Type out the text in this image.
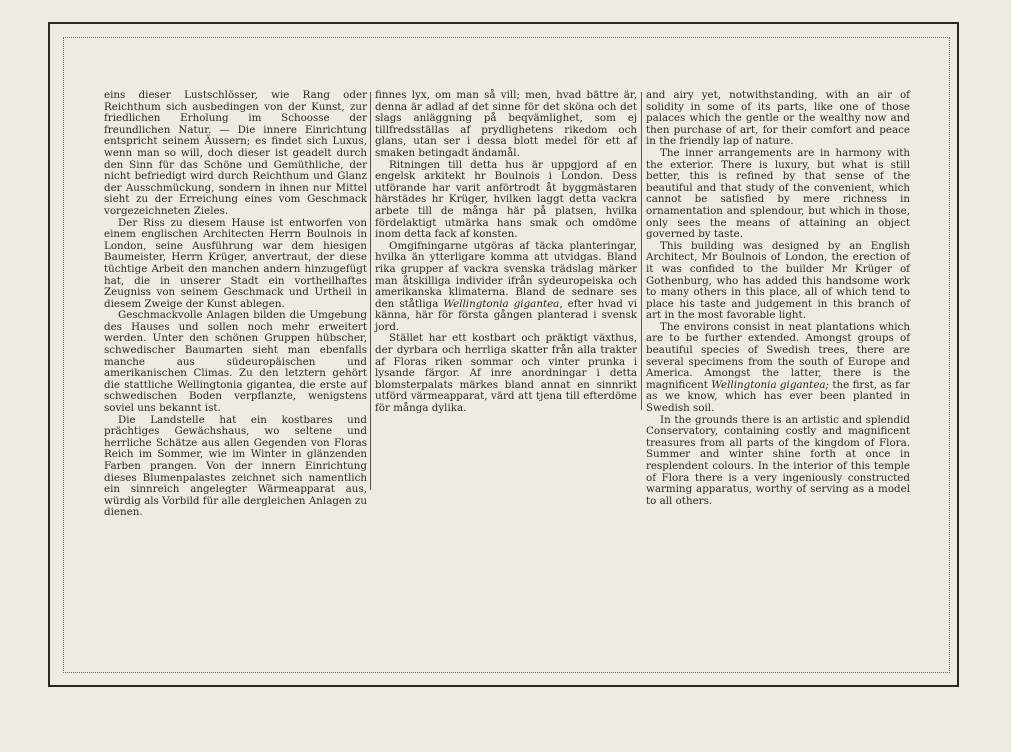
eins dieser Lustschlösser, wie Rang oder Reichthum sich ausbedingen von der Kunst, zur friedlichen Erholung im Schoosse der freundlichen Natur. — Die innere Einrichtung entspricht seinem Äussern; es findet sich Luxus, wenn man so will, doch dieser ist geadelt durch den Sinn für das Schöne und Gemüthliche, der nicht befriedigt wird durch Reichthum und Glanz der Ausschmückung, sondern in ihnen nur Mittel sieht zu der Erreichung eines vom Geschmack vorgezeichneten Zieles.

Der Riss zu diesem Hause ist entworfen von einem englischen Architecten Herrn Boulnois in London, seine Ausführung war dem hiesigen Baumeister, Herrn Krüger, anvertraut, der diese tüchtige Arbeit den manchen andern hinzugefügt hat, die in unserer Stadt ein vortheilhaftes Zeugniss von seinem Geschmack und Urtheil in diesem Zweige der Kunst ablegen.

Geschmackvolle Anlagen bilden die Umgebung des Hauses und sollen noch mehr erweitert werden. Unter den schönen Gruppen hübscher, schwedischer Baumarten sieht man ebenfalls manche aus südeuropäischen und amerikanischen Climas. Zu den letztern gehört die stattliche Wellingtonia gigantea, die erste auf schwedischen Boden verpflanzte, wenigstens soviel uns bekannt ist.

Die Landstelle hat ein kostbares und prächtiges Gewächshaus, wo seltene und herrliche Schätze aus allen Gegenden von Floras Reich im Sommer, wie im Winter in glänzenden Farben prangen. Von der innern Einrichtung dieses Blumenpalastes zeichnet sich namentlich ein sinnreich angelegter Wärmeapparat aus, würdig als Vorbild für alle dergleichen Anlagen zu dienen.

finnes lyx, om man så vill; men, hvad bättre är, denna är adlad af det sinne för det sköna och det slags anläggning på beqvämlighet, som ej tillfredsställas af prydlighetens rikedom och glans, utan ser i dessa blott medel för ett af smaken betingadt ändamål.

Ritningen till detta hus är uppgjord af en engelsk arkitekt hr Boulnois i London. Dess utförande har varit anförtrodt åt byggmästaren härstädes hr Krüger, hvilken laggt detta vackra arbete till de många här på platsen, hvilka fördelaktigt utmärka hans smak och omdöme inom detta fack af konsten.

Omgifningarne utgöras af täcka planteringar, hvilka än ytterligare komma att utvidgas. Bland rika grupper af vackra svenska trädslag märker man åtskilliga individer ifrån sydeuropeiska och amerikanska klimaterna. Bland de sednare ses den ståtliga Wellingtonia gigantea, efter hvad vi känna, här för första gången planterad i svensk jord.

Stället har ett kostbart och präktigt växthus, der dyrbara och herrliga skatter från alla trakter af Floras riken sommar och vinter prunka i lysande färgor. Af inre anordningar i detta blomsterpalats märkes bland annat en sinnrikt utförd värmeapparat, värd att tjena till efterdöme för många dylika.

and airy yet, notwithstanding, with an air of solidity in some of its parts, like one of those palaces which the gentle or the wealthy now and then purchase of art, for their comfort and peace in the friendly lap of nature.

The inner arrangements are in harmony with the exterior. There is luxury, but what is still better, this is refined by that sense of the beautiful and that study of the convenient, which cannot be satisfied by mere richness in ornamentation and splendour, but which in those, only sees the means of attaining an object governed by taste.

This building was designed by an English Architect, Mr Boulnois of London, the erection of it was confided to the builder Mr Krüger of Gothenburg, who has added this handsome work to many others in this place, all of which tend to place his taste and judgement in this branch of art in the most favorable light.

The environs consist in neat plantations which are to be further extended. Amongst groups of beautiful species of Swedish trees, there are several specimens from the south of Europe and America. Amongst the latter, there is the magnificent Wellingtonia gigantea; the first, as far as we know, which has ever been planted in Swedish soil.

In the grounds there is an artistic and splendid Conservatory, containing costly and magnificent treasures from all parts of the kingdom of Flora. Summer and winter shine forth at once in resplendent colours. In the interior of this temple of Flora there is a very ingeniously constructed warming apparatus, worthy of serving as a model to all others.
